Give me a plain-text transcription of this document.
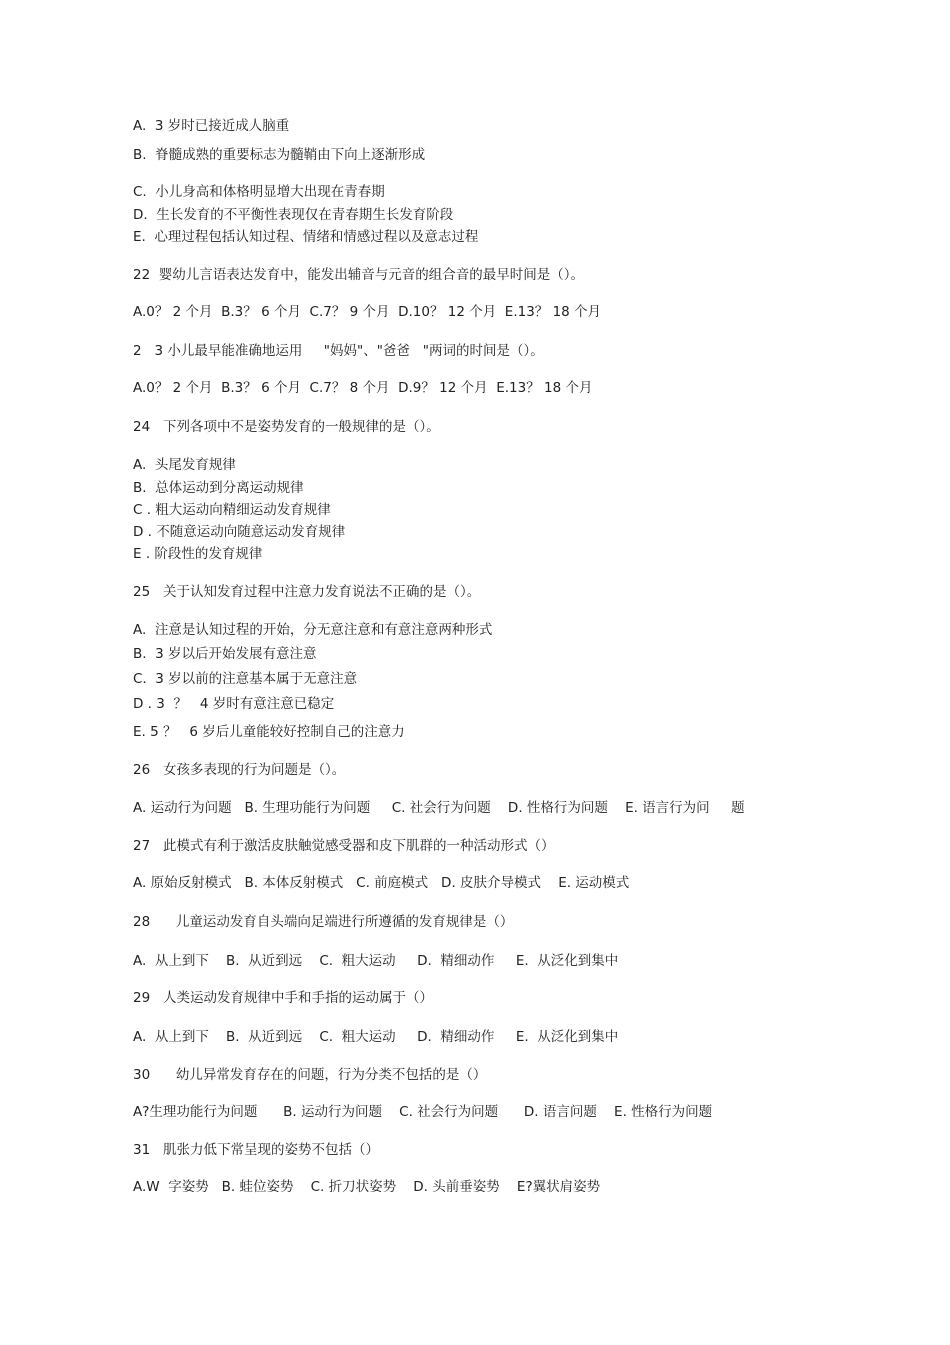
A.  3 岁时已接近成人脑重

B.  脊髓成熟的重要标志为髓鞘由下向上逐渐形成

C.  小儿身高和体格明显增大出现在青春期

D.  生长发育的不平衡性表现仅在青春期生长发育阶段

E.  心理过程包括认知过程、情绪和情感过程以及意志过程

22  婴幼儿言语表达发育中，能发出辅音与元音的组合音的最早时间是（）。

A.0？ 2 个月  B.3？ 6 个月  C.7？ 9 个月  D.10？ 12 个月  E.13？ 18 个月

2   3 小儿最早能准确地运用     "妈妈"、"爸爸   "两词的时间是（）。

A.0？ 2 个月  B.3？ 6 个月  C.7？ 8 个月  D.9？ 12 个月  E.13？ 18 个月

24   下列各项中不是姿势发育的一般规律的是（）。

A.  头尾发育规律

B.  总体运动到分离运动规律

C . 粗大运动向精细运动发育规律

D . 不随意运动向随意运动发育规律

E . 阶段性的发育规律

25   关于认知发育过程中注意力发育说法不正确的是（）。

A.  注意是认知过程的开始，分无意注意和有意注意两种形式

B.  3 岁以后开始发展有意注意

C.  3 岁以前的注意基本属于无意注意

D . 3  ？   4 岁时有意注意已稳定

E. 5 ？   6 岁后儿童能较好控制自己的注意力

26   女孩多表现的行为问题是（）。

A. 运动行为问题   B. 生理功能行为问题     C. 社会行为问题    D. 性格行为问题    E. 语言行为问     题

27   此模式有利于激活皮肤触觉感受器和皮下肌群的一种活动形式（）

A. 原始反射模式   B. 本体反射模式   C. 前庭模式   D. 皮肤介导模式    E. 运动模式

28      儿童运动发育自头端向足端进行所遵循的发育规律是（）

A.  从上到下    B.  从近到远    C.  粗大运动     D.  精细动作     E.  从泛化到集中

29   人类运动发育规律中手和手指的运动属于（）

A.  从上到下    B.  从近到远    C.  粗大运动     D.  精细动作     E.  从泛化到集中

30      幼儿异常发育存在的问题，行为分类不包括的是（）

A?生理功能行为问题      B. 运动行为问题    C. 社会行为问题      D. 语言问题    E. 性格行为问题

31   肌张力低下常呈现的姿势不包括（）

A.W  字姿势   B. 蛙位姿势    C. 折刀状姿势    D. 头前垂姿势    E?翼状肩姿势
